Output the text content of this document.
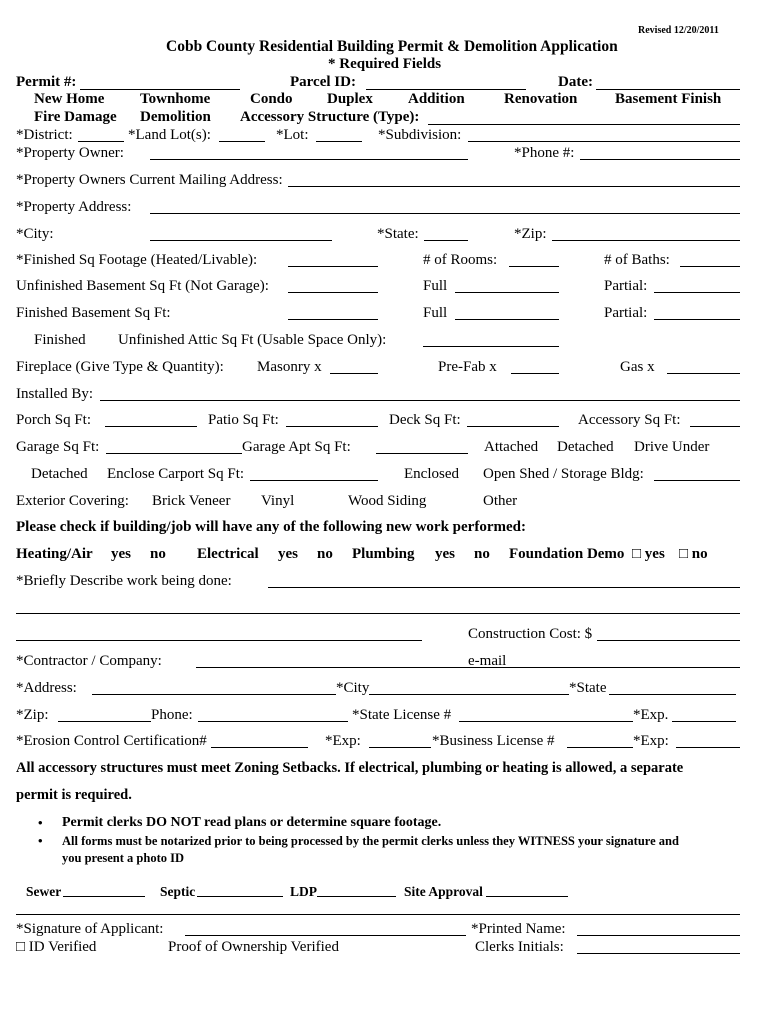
Revised 12/20/2011
Cobb County Residential Building Permit & Demolition Application
* Required Fields
Permit #:	Parcel ID:	Date:
New Home Townhome	Condo Duplex Addition	Renovation	Basement Finish
Fire Damage Demolition Accessory Structure (Type):
*District:	*Land Lot(s):	*Lot:	*Subdivision:
*Property Owner:	*Phone #:
*Property Owners Current Mailing Address:
*Property Address:
*City:	*State:	*Zip:
*Finished Sq Footage (Heated/Livable):	# of Rooms:	# of Baths:
Unfinished Basement Sq Ft (Not Garage):	Full	Partial:
Finished Basement Sq Ft:	Full	Partial:
Finished Unfinished Attic Sq Ft (Usable Space Only):
Fireplace (Give Type & Quantity): Masonry x	Pre-Fab x	Gas x
Installed By:
Porch Sq Ft:	Patio Sq Ft:	Deck Sq Ft:	Accessory Sq Ft:
Garage Sq Ft:	Garage Apt Sq Ft:	Attached Detached Drive Under
Detached Enclose Carport Sq Ft:	Enclosed Open Shed / Storage Bldg:
Exterior Covering: Brick Veneer Vinyl	Wood Siding	Other
Please check if building/job will have any of the following new work performed:
Heating/Air yes no Electrical yes no Plumbing yes no Foundation Demo □ yes □ no
*Briefly Describe work being done:
Construction Cost: $
*Contractor / Company:	e-mail
*Address:	*City	*State
*Zip:	Phone:	*State License #	*Exp.
*Erosion Control Certification#	*Exp:	*Business License #	*Exp:
All accessory structures must meet Zoning Setbacks. If electrical, plumbing or heating is allowed, a separate
permit is required.
• Permit clerks DO NOT read plans or determine square footage.
• All forms must be notarized prior to being processed by the permit clerks unless they WITNESS your signature and
you present a photo ID
Sewer	Septic	LDP	Site Approval
*Signature of Applicant:	*Printed Name:
□ ID Verified	Proof of Ownership Verified	Clerks Initials:
